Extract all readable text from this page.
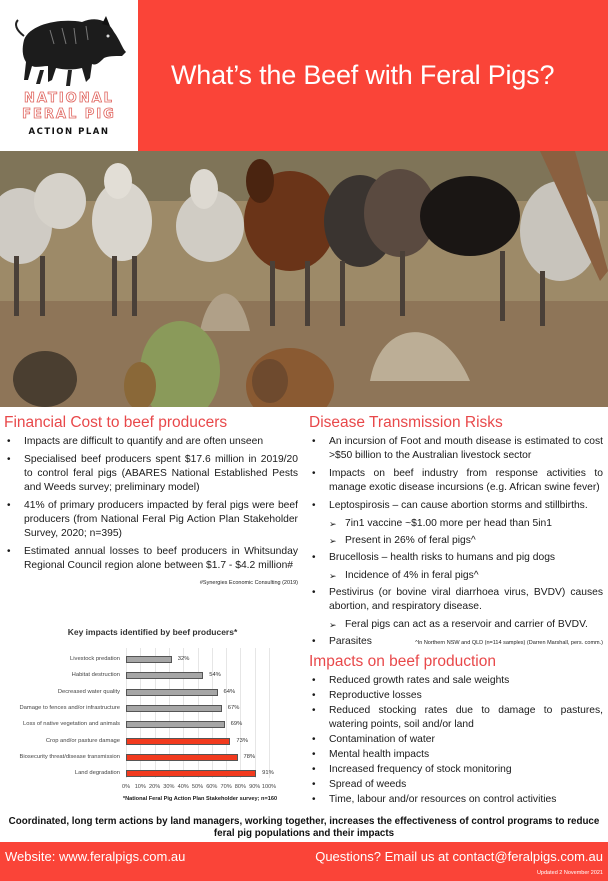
NATIONAL
FERAL PIG
ACTION PLAN
What’s the Beef with Feral Pigs?
Financial Cost to beef producers
• Impacts are difficult to quantify and are often unseen
• Specialised beef producers spent $17.6 million in 2019/20 to control feral pigs (ABARES National Established Pests and Weeds survey; preliminary model)
• 41% of primary producers impacted by feral pigs were beef producers (from National Feral Pig Action Plan Stakeholder Survey, 2020; n=395)
• Estimated annual losses to beef producers in Whitsunday Regional Council region alone between $1.7 - $4.2 million#
#Synergies Economic Consulting (2019)
Key impacts identified by beef producers*
0% 10% 20% 30% 40% 50% 60% 70% 80% 90% 100%
Livestock predation	32%
Habitat destruction	54%
Decreased water quality	64%
Damage to fences and/or infrastructure	67%
Loss of native vegetation and animals	69%
Crop and/or pasture damage	73%
Biosecurity threat/disease transmission	78%
Land degradation	91%
*National Feral Pig Action Plan Stakeholder survey; n=160
Disease Transmission Risks
• An incursion of Foot and mouth disease is estimated to cost >$50 billion to the Australian livestock sector
• Impacts on beef industry from response activities to manage exotic disease incursions (e.g. African swine fever)
• Leptospirosis – can cause abortion storms and stillbirths.
➢ 7in1 vaccine ~$1.00 more per head than 5in1
➢ Present in 26% of feral pigs^
• Brucellosis – health risks to humans and pig dogs
➢ Incidence of 4% in feral pigs^
• Pestivirus (or bovine viral diarrhoea virus, BVDV) causes abortion, and respiratory disease.
➢ Feral pigs can act as a reservoir and carrier of BVDV.
• Parasites	^In Northern NSW and QLD (n=114 samples) (Darren Marshall, pers. comm.)
Impacts on beef production
• Reduced growth rates and sale weights
• Reproductive losses
• Reduced stocking rates due to damage to pastures, watering points, soil and/or land
• Contamination of water
• Mental health impacts
• Increased frequency of stock monitoring
• Spread of weeds
• Time, labour and/or resources on control activities
Coordinated, long term actions by land managers, working together, increases the effectiveness of control programs to reduce feral pig populations and their impacts
Website: www.feralpigs.com.au	Questions? Email us at contact@feralpigs.com.au
Updated 2 November 2021
